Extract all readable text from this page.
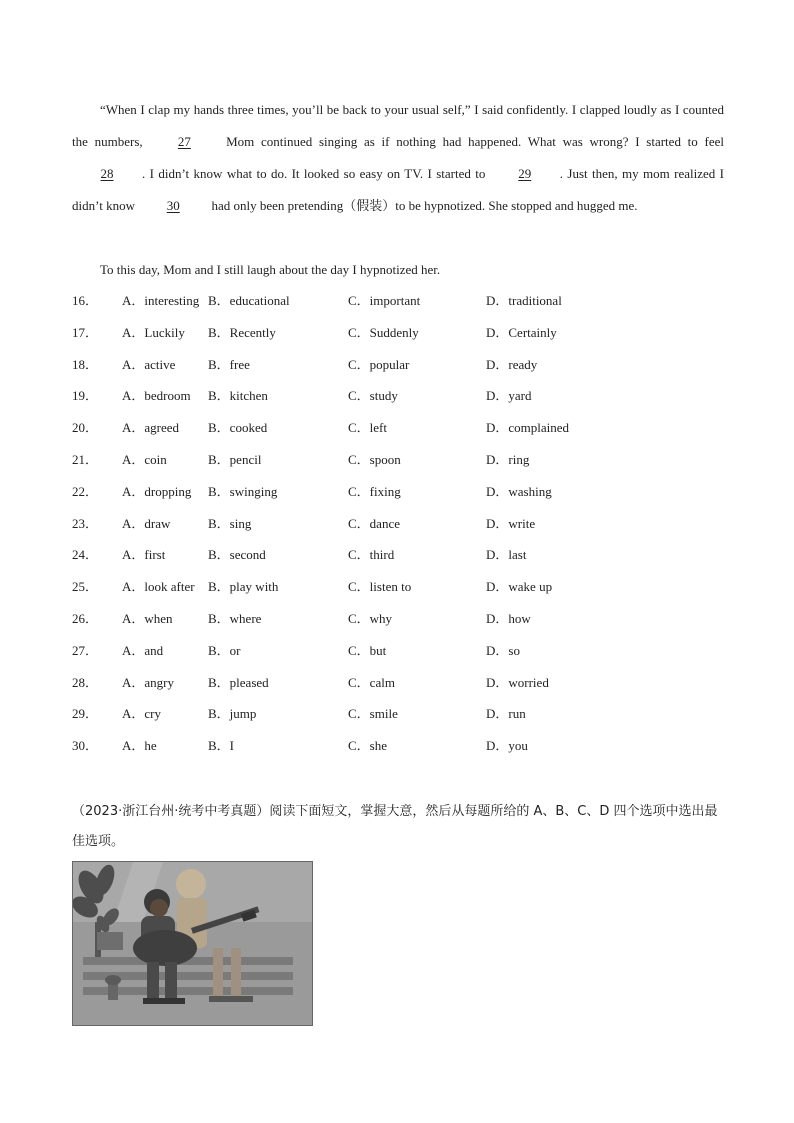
“When I clap my hands three times, you’ll be back to your usual self,” I said confidently. I clapped loudly as I counted the numbers, 27 Mom continued singing as if nothing had happened. What was wrong? I started to feel 28 . I didn’t know what to do. It looked so easy on TV. I started to 29 . Just then, my mom realized I didn’t know 30 had only been pretending（假装）to be hypnotized. She stopped and hugged me.
To this day, Mom and I still laugh about the day I hypnotized her.
16． A．interesting B．educational	C．important	D．traditional
17． A．Luckily B．Recently	C．Suddenly	D．Certainly
18． A．active	B．free	C．popular	D．ready
19． A．bedroom B．kitchen	C．study	D．yard
20． A．agreed B．cooked	C．left	D．complained
21． A．coin	B．pencil	C．spoon	D．ring
22． A．dropping B．swinging	C．fixing	D．washing
23． A．draw	B．sing	C．dance	D．write
24． A．first	B．second	C．third	D．last
25． A．look after B．play with	C．listen to	D．wake up
26． A．when	B．where	C．why	D．how
27． A．and	B．or	C．but	D．so
28． A．angry	B．pleased	C．calm	D．worried
29． A．cry	B．jump	C．smile	D．run
30． A．he	B．I	C．she	D．you
（2023·浙江台州·统考中考真题）阅读下面短文，掌握大意，然后从每题所给的 A、B、C、D 四个选项中选出最佳选项。
